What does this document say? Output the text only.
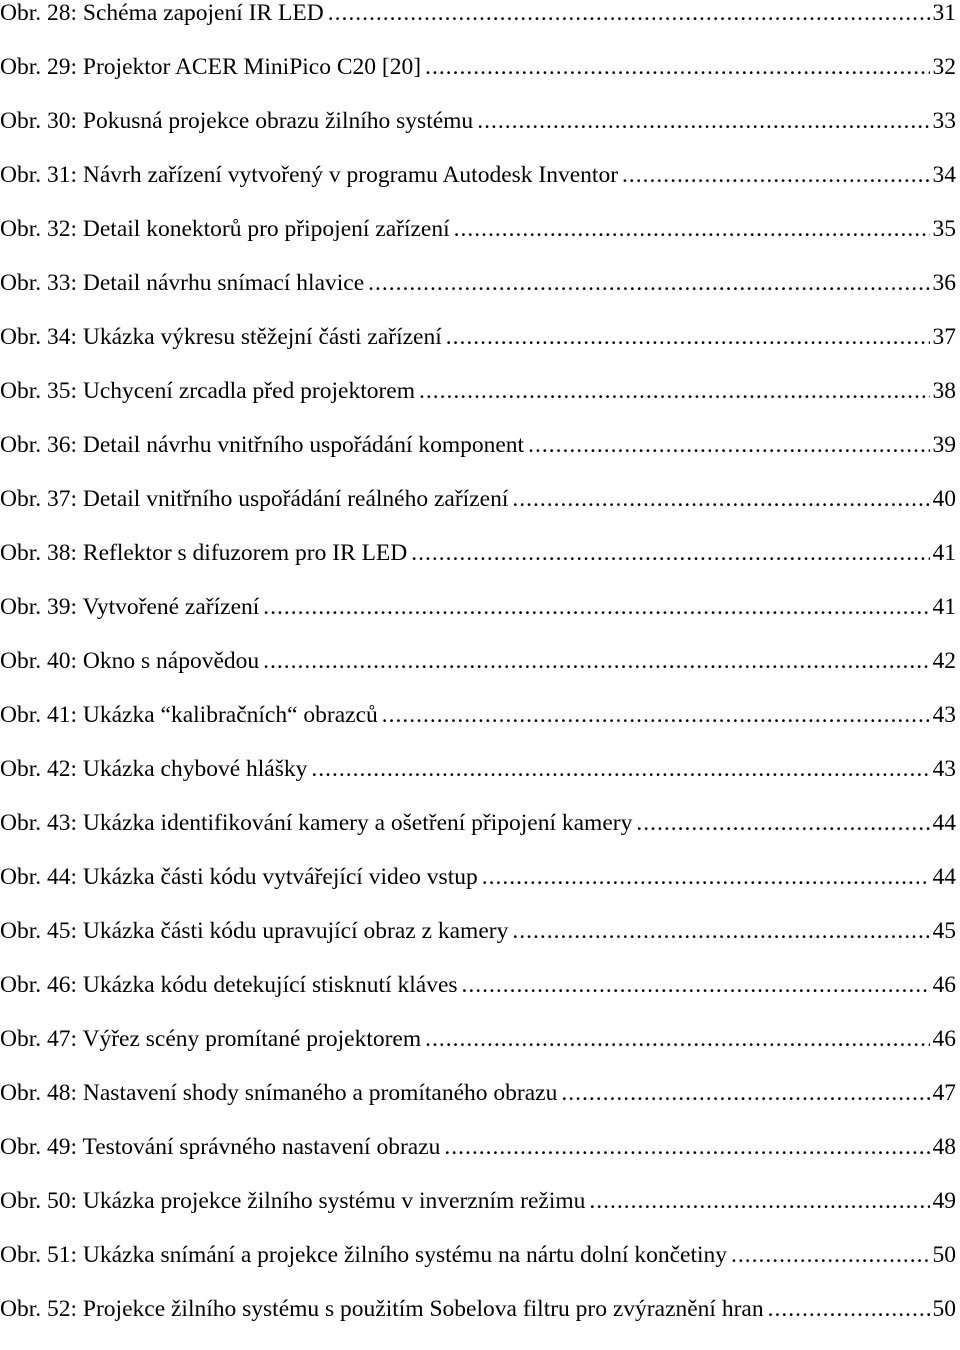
Obr. 28: Schéma zapojení IR LED .....	31
Obr. 29: Projektor ACER MiniPico C20 [20] .....	32
Obr. 30: Pokusná projekce obrazu žilního systému .....	33
Obr. 31: Návrh zařízení vytvořený v programu Autodesk Inventor .....	34
Obr. 32: Detail konektorů pro připojení zařízení .....	35
Obr. 33: Detail návrhu snímací hlavice .....	36
Obr. 34: Ukázka výkresu stěžejní části zařízení .....	37
Obr. 35: Uchycení zrcadla před projektorem .....	38
Obr. 36: Detail návrhu vnitřního uspořádání komponent .....	39
Obr. 37: Detail vnitřního uspořádání reálného zařízení .....	40
Obr. 38: Reflektor s difuzorem pro IR LED .....	41
Obr. 39: Vytvořené zařízení .....	41
Obr. 40: Okno s nápovědou .....	42
Obr. 41: Ukázka “kalibračních“ obrazců .....	43
Obr. 42: Ukázka chybové hlášky .....	43
Obr. 43: Ukázka identifikování kamery a ošetření připojení kamery .....	44
Obr. 44: Ukázka části kódu vytvářející video vstup .....	44
Obr. 45: Ukázka části kódu upravující obraz z kamery .....	45
Obr. 46: Ukázka kódu detekující stisknutí kláves .....	46
Obr. 47: Výřez scény promítané projektorem .....	46
Obr. 48: Nastavení shody snímaného a promítaného obrazu .....	47
Obr. 49: Testování správného nastavení obrazu .....	48
Obr. 50: Ukázka projekce žilního systému v inverzním režimu .....	49
Obr. 51: Ukázka snímání a projekce žilního systému na nártu dolní končetiny .....	50
Obr. 52: Projekce žilního systému s použitím Sobelova filtru pro zvýraznění hran .....	50
